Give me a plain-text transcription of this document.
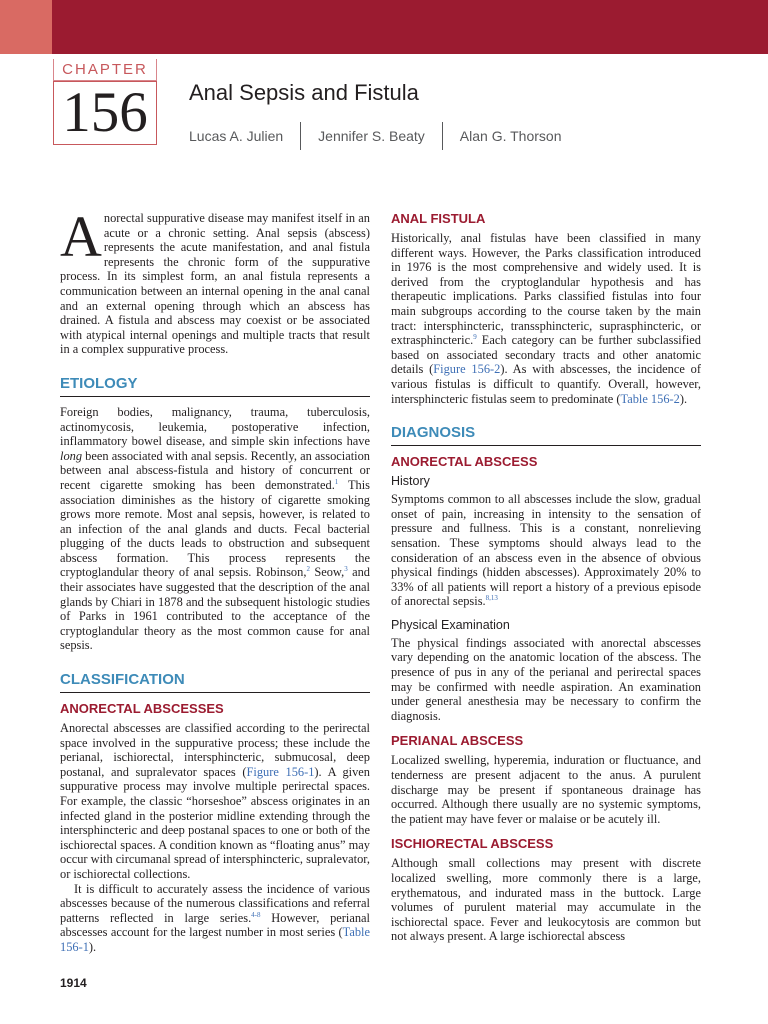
CHAPTER
156	Anal Sepsis and Fistula
Lucas A. Julien	Jennifer S. Beaty	Alan G. Thorson

Anorectal suppurative disease may manifest itself in an acute or a chronic setting. Anal sepsis (abscess) represents the acute manifestation, and anal fistula represents the chronic form of the suppurative process. In its simplest form, an anal fistula represents a communication between an internal opening in the anal canal and an external opening through which an abscess has drained. A fistula and abscess may coexist or be associated with atypical internal openings and multiple tracts that result in a complex suppurative process.

ETIOLOGY

Foreign bodies, malignancy, trauma, tuberculosis, actinomycosis, leukemia, postoperative infection, inflammatory bowel disease, and simple skin infections have long been associated with anal sepsis. Recently, an association between anal abscess-fistula and history of concurrent or recent cigarette smoking has been demonstrated.$^1$ This association diminishes as the history of cigarette smoking grows more remote. Most anal sepsis, however, is related to an infection of the anal glands and ducts. Fecal bacterial plugging of the ducts leads to obstruction and subsequent abscess formation. This process represents the cryptoglandular theory of anal sepsis. Robinson,$^2$ Seow,$^3$ and their associates have suggested that the description of the anal glands by Chiari in 1878 and the subsequent histologic studies of Parks in 1961 contributed to the acceptance of the cryptoglandular theory as the most common cause for anal sepsis.

CLASSIFICATION
ANORECTAL ABSCESSES

Anorectal abscesses are classified according to the perirectal space involved in the suppurative process; these include the perianal, ischiorectal, intersphincteric, submucosal, deep postanal, and supralevator spaces (Figure 156-1). A given suppurative process may involve multiple perirectal spaces. For example, the classic “horseshoe” abscess originates in an infected gland in the posterior midline extending through the intersphincteric and deep postanal spaces to one or both of the ischiorectal spaces. A condition known as “floating anus” may occur with circumanal spread of intersphincteric, supralevator, or ischiorectal collections.

It is difficult to accurately assess the incidence of various abscesses because of the numerous classifications and referral patterns reflected in large series.$^{4-8}$ However, perianal abscesses account for the largest number in most series (Table 156-1).

ANAL FISTULA

Historically, anal fistulas have been classified in many different ways. However, the Parks classification introduced in 1976 is the most comprehensive and widely used. It is derived from the cryptoglandular hypothesis and has therapeutic implications. Parks classified fistulas into four main subgroups according to the course taken by the main tract: intersphincteric, transsphincteric, suprasphincteric, or extrasphincteric.$^9$ Each category can be further subclassified based on associated secondary tracts and other anatomic details (Figure 156-2). As with abscesses, the incidence of various fistulas is difficult to quantify. Overall, however, intersphincteric fistulas seem to predominate (Table 156-2).

DIAGNOSIS
ANORECTAL ABSCESS
History

Symptoms common to all abscesses include the slow, gradual onset of pain, increasing in intensity to the sensation of pressure and fullness. This is a constant, nonrelieving sensation. These symptoms should always lead to the consideration of an abscess even in the absence of obvious physical findings (hidden abscesses). Approximately 20% to 33% of all patients will report a history of a previous episode of anorectal sepsis.$^{8,13}$

Physical Examination

The physical findings associated with anorectal abscesses vary depending on the anatomic location of the abscess. The presence of pus in any of the perianal and perirectal spaces may be confirmed with needle aspiration. An examination under general anesthesia may be necessary to confirm the diagnosis.

PERIANAL ABSCESS

Localized swelling, hyperemia, induration or fluctuance, and tenderness are present adjacent to the anus. A purulent discharge may be present if spontaneous drainage has occurred. Although there usually are no systemic symptoms, the patient may have fever or malaise or be acutely ill.

ISCHIORECTAL ABSCESS

Although small collections may present with discrete localized swelling, more commonly there is a large, erythematous, and indurated mass in the buttock. Large volumes of purulent material may accumulate in the ischiorectal space. Fever and leukocytosis are common but not always present. A large ischiorectal abscess

1914
